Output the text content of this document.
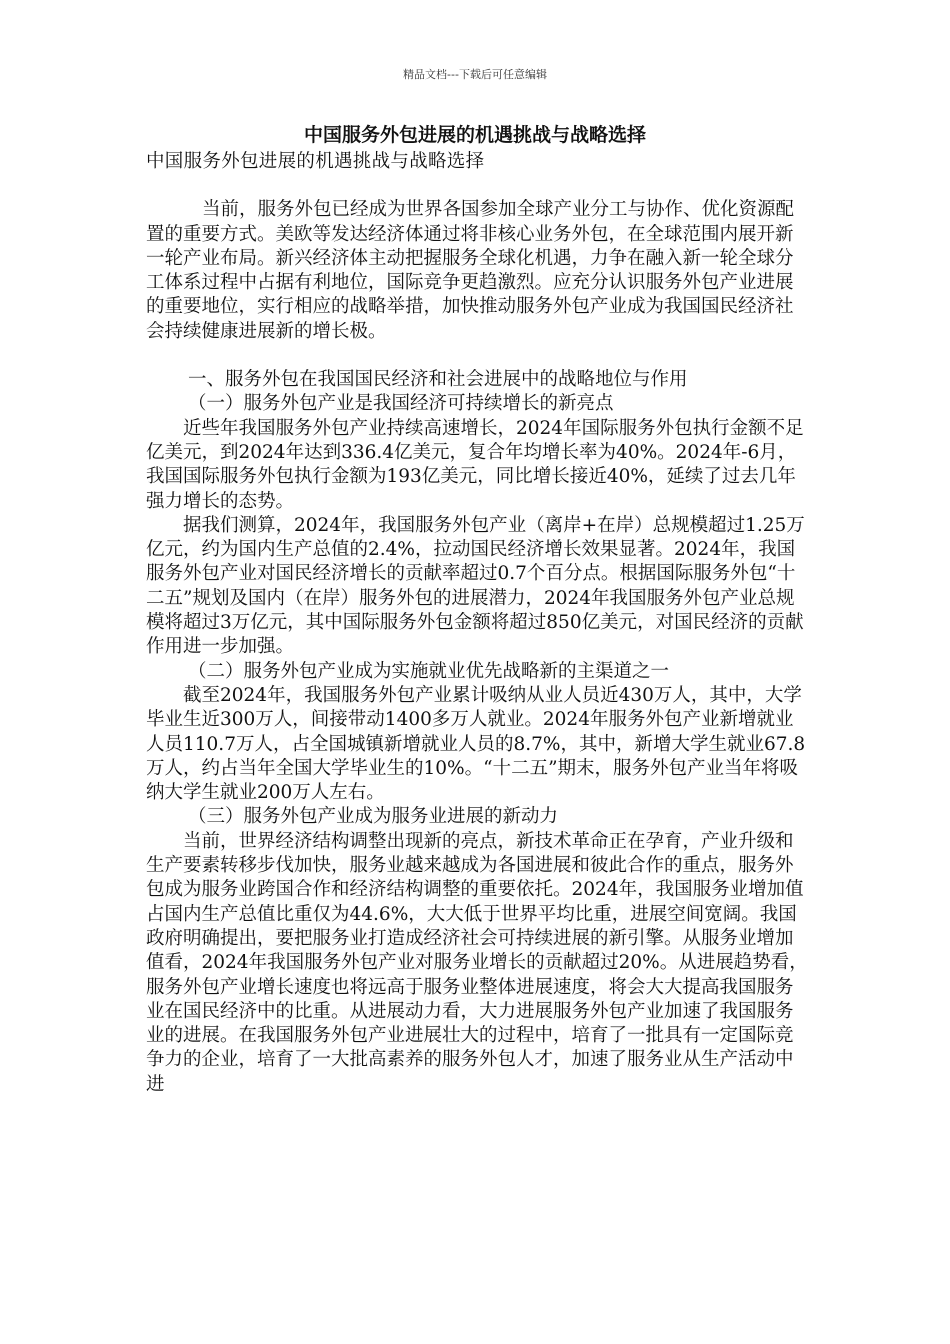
精品文档---下载后可任意编辑
中国服务外包进展的机遇挑战与战略选择

中国服务外包进展的机遇挑战与战略选择

当前，服务外包已经成为世界各国参加全球产业分工与协作、优化资源配置的重要方式。美欧等发达经济体通过将非核心业务外包，在全球范围内展开新一轮产业布局。新兴经济体主动把握服务全球化机遇，力争在融入新一轮全球分工体系过程中占据有利地位，国际竞争更趋激烈。应充分认识服务外包产业进展的重要地位，实行相应的战略举措，加快推动服务外包产业成为我国国民经济社会持续健康进展新的增长极。

一、服务外包在我国国民经济和社会进展中的战略地位与作用

（一）服务外包产业是我国经济可持续增长的新亮点

近些年我国服务外包产业持续高速增长，2024年国际服务外包执行金额不足亿美元，到2024年达到336.4亿美元，复合年均增长率为40%。2024年-6月，我国国际服务外包执行金额为193亿美元，同比增长接近40%，延续了过去几年强力增长的态势。

据我们测算，2024年，我国服务外包产业（离岸+在岸）总规模超过1.25万亿元，约为国内生产总值的2.4%，拉动国民经济增长效果显著。2024年，我国服务外包产业对国民经济增长的贡献率超过0.7个百分点。根据国际服务外包“十二五”规划及国内（在岸）服务外包的进展潜力，2024年我国服务外包产业总规模将超过3万亿元，其中国际服务外包金额将超过850亿美元，对国民经济的贡献作用进一步加强。

（二）服务外包产业成为实施就业优先战略新的主渠道之一

截至2024年，我国服务外包产业累计吸纳从业人员近430万人，其中，大学毕业生近300万人，间接带动1400多万人就业。2024年服务外包产业新增就业人员110.7万人，占全国城镇新增就业人员的8.7%，其中，新增大学生就业67.8万人，约占当年全国大学毕业生的10%。“十二五”期末，服务外包产业当年将吸纳大学生就业200万人左右。

（三）服务外包产业成为服务业进展的新动力

当前，世界经济结构调整出现新的亮点，新技术革命正在孕育，产业升级和生产要素转移步伐加快，服务业越来越成为各国进展和彼此合作的重点，服务外包成为服务业跨国合作和经济结构调整的重要依托。2024年，我国服务业增加值占国内生产总值比重仅为44.6%，大大低于世界平均比重，进展空间宽阔。我国政府明确提出，要把服务业打造成经济社会可持续进展的新引擎。从服务业增加值看，2024年我国服务外包产业对服务业增长的贡献超过20%。从进展趋势看，服务外包产业增长速度也将远高于服务业整体进展速度，将会大大提高我国服务业在国民经济中的比重。从进展动力看，大力进展服务外包产业加速了我国服务业的进展。在我国服务外包产业进展壮大的过程中，培育了一批具有一定国际竞争力的企业，培育了一大批高素养的服务外包人才，加速了服务业从生产活动中进
